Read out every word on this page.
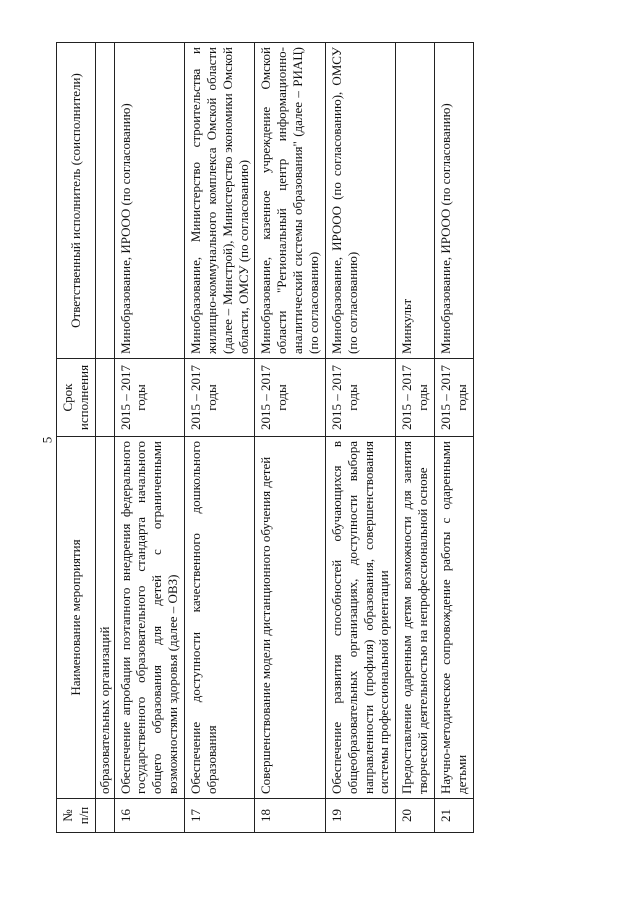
5
№ п/п	Наименование мероприятия	Срок исполнения	Ответственный исполнитель (соисполнители)
	образовательных организаций		
16	Обеспечение апробации поэтапного внедрения федерального государственного образовательного стандарта начального общего образования для детей с ограниченными возможностями здоровья (далее – ОВЗ)	2015 – 2017 годы	Минобразование, ИРООО (по согласованию)
17	Обеспечение доступности качественного дошкольного образования	2015 – 2017 годы	Минобразование, Министерство строительства и жилищно-коммунального комплекса Омской области (далее – Минстрой), Министерство экономики Омской области, ОМСУ (по согласованию)
18	Совершенствование модели дистанционного обучения детей	2015 – 2017 годы	Минобразование, казенное учреждение Омской области "Региональный центр информационно-аналитический системы образования" (далее – РИАЦ) (по согласованию)
19	Обеспечение развития способностей обучающихся в общеобразовательных организациях, доступности выбора направленности (профиля) образования, совершенствования системы профессиональной ориентации	2015 – 2017 годы	Минобразование, ИРООО (по согласованию), ОМСУ (по согласованию)
20	Предоставление одаренным детям возможности для занятия творческой деятельностью на непрофессиональной основе	2015 – 2017 годы	Минкульт
21	Научно-методическое сопровождение работы с одаренными детьми	2015 – 2017 годы	Минобразование, ИРООО (по согласованию)
